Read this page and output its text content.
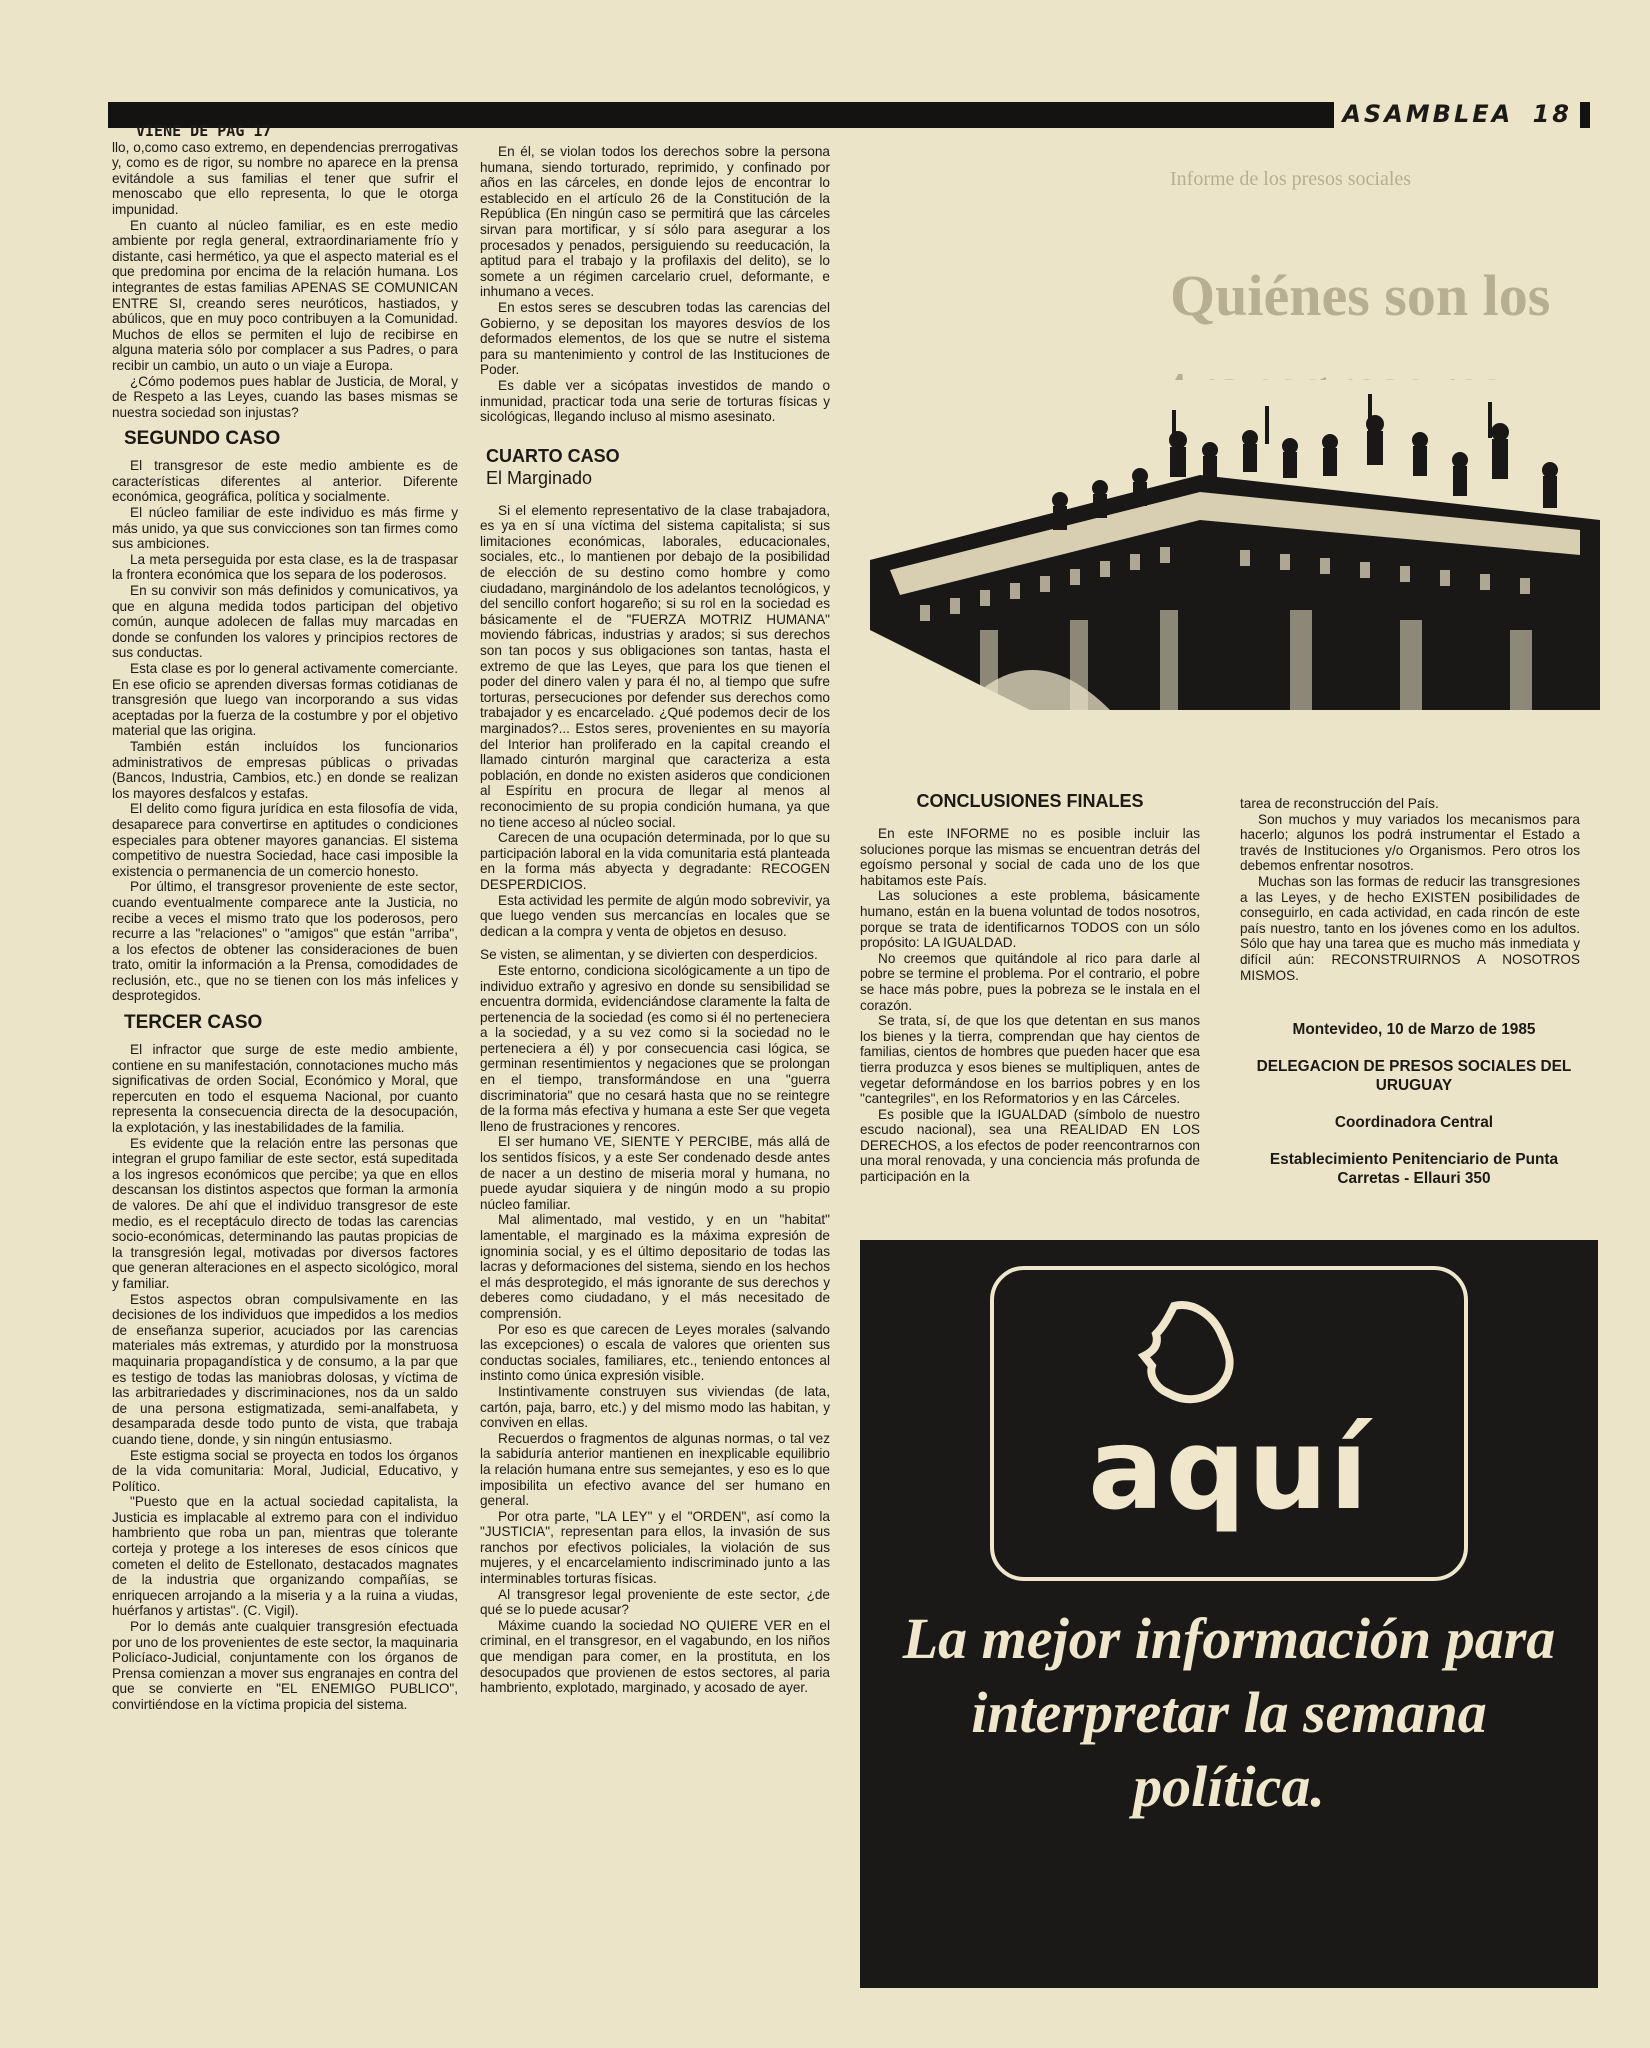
Informe de los presos sociales
Quiénes son los
ASAMBLEA 18

VIENE DE PAG 17

llo, o,como caso extremo, en dependencias prerrogativas y, como es de rigor, su nombre no aparece en la prensa evitándole a sus familias el tener que sufrir el menoscabo que ello representa, lo que le otorga impunidad.

En cuanto al núcleo familiar, es en este medio ambiente por regla general, extraordinariamente frío y distante, casi hermético, ya que el aspecto material es el que predomina por encima de la relación humana. Los integrantes de estas familias APENAS SE COMUNICAN ENTRE SI, creando seres neuróticos, hastiados, y abúlicos, que en muy poco contribuyen a la Comunidad. Muchos de ellos se permiten el lujo de recibirse en alguna materia sólo por complacer a sus Padres, o para recibir un cambio, un auto o un viaje a Europa.

¿Cómo podemos pues hablar de Justicia, de Moral, y de Respeto a las Leyes, cuando las bases mismas se nuestra sociedad son injustas?

SEGUNDO CASO

El transgresor de este medio ambiente es de características diferentes al anterior. Diferente económica, geográfica, política y socialmente.

El núcleo familiar de este individuo es más firme y más unido, ya que sus convicciones son tan firmes como sus ambiciones.

La meta perseguida por esta clase, es la de traspasar la frontera económica que los separa de los poderosos.

En su convivir son más definidos y comunicativos, ya que en alguna medida todos participan del objetivo común, aunque adolecen de fallas muy marcadas en donde se confunden los valores y principios rectores de sus conductas.

Esta clase es por lo general activamente comerciante. En ese oficio se aprenden diversas formas cotidianas de transgresión que luego van incorporando a sus vidas aceptadas por la fuerza de la costumbre y por el objetivo material que las origina.

También están incluídos los funcionarios administrativos de empresas públicas o privadas (Bancos, Industria, Cambios, etc.) en donde se realizan los mayores desfalcos y estafas.

El delito como figura jurídica en esta filosofía de vida, desaparece para convertirse en aptitudes o condiciones especiales para obtener mayores ganancias. El sistema competitivo de nuestra Sociedad, hace casi imposible la existencia o permanencia de un comercio honesto.

Por último, el transgresor proveniente de este sector, cuando eventualmente comparece ante la Justicia, no recibe a veces el mismo trato que los poderosos, pero recurre a las "relaciones" o "amigos" que están "arriba", a los efectos de obtener las consideraciones de buen trato, omitir la información a la Prensa, comodidades de reclusión, etc., que no se tienen con los más infelices y desprotegidos.

TERCER CASO

El infractor que surge de este medio ambiente, contiene en su manifestación, connotaciones mucho más significativas de orden Social, Económico y Moral, que repercuten en todo el esquema Nacional, por cuanto representa la consecuencia directa de la desocupación, la explotación, y las inestabilidades de la familia.

Es evidente que la relación entre las personas que integran el grupo familiar de este sector, está supeditada a los ingresos económicos que percibe; ya que en ellos descansan los distintos aspectos que forman la armonía de valores. De ahí que el individuo transgresor de este medio, es el receptáculo directo de todas las carencias socio-económicas, determinando las pautas propicias de la transgresión legal, motivadas por diversos factores que generan alteraciones en el aspecto sicológico, moral y familiar.

Estos aspectos obran compulsivamente en las decisiones de los individuos que impedidos a los medios de enseñanza superior, acuciados por las carencias materiales más extremas, y aturdido por la monstruosa maquinaria propagandística y de consumo, a la par que es testigo de todas las maniobras dolosas, y víctima de las arbitrariedades y discriminaciones, nos da un saldo de una persona estigmatizada, semi-analfabeta, y desamparada desde todo punto de vista, que trabaja cuando tiene, donde, y sin ningún entusiasmo.

Este estigma social se proyecta en todos los órganos de la vida comunitaria: Moral, Judicial, Educativo, y Político.

"Puesto que en la actual sociedad capitalista, la Justicia es implacable al extremo para con el individuo hambriento que roba un pan, mientras que tolerante corteja y protege a los intereses de esos cínicos que cometen el delito de Estellonato, destacados magnates de la industria que organizando compañías, se enriquecen arrojando a la miseria y a la ruina a viudas, huérfanos y artistas". (C. Vigil).

Por lo demás ante cualquier transgresión efectuada por uno de los provenientes de este sector, la maquinaria Policíaco-Judicial, conjuntamente con los órganos de Prensa comienzan a mover sus engranajes en contra del que se convierte en "EL ENEMIGO PUBLICO", convirtiéndose en la víctima propicia del sistema.

En él, se violan todos los derechos sobre la persona humana, siendo torturado, reprimido, y confinado por años en las cárceles, en donde lejos de encontrar lo establecido en el artículo 26 de la Constitución de la República (En ningún caso se permitirá que las cárceles sirvan para mortificar, y sí sólo para asegurar a los procesados y penados, persiguiendo su reeducación, la aptitud para el trabajo y la profilaxis del delito), se lo somete a un régimen carcelario cruel, deformante, e inhumano a veces.

En estos seres se descubren todas las carencias del Gobierno, y se depositan los mayores desvíos de los deformados elementos, de los que se nutre el sistema para su mantenimiento y control de las Instituciones de Poder.

Es dable ver a sicópatas investidos de mando o inmunidad, practicar toda una serie de torturas físicas y sicológicas, llegando incluso al mismo asesinato.

CUARTO CASO
El Marginado

Si el elemento representativo de la clase trabajadora, es ya en sí una víctima del sistema capitalista; si sus limitaciones económicas, laborales, educacionales, sociales, etc., lo mantienen por debajo de la posibilidad de elección de su destino como hombre y como ciudadano, marginándolo de los adelantos tecnológicos, y del sencillo confort hogareño; si su rol en la sociedad es básicamente el de "FUERZA MOTRIZ HUMANA" moviendo fábricas, industrias y arados; si sus derechos son tan pocos y sus obligaciones son tantas, hasta el extremo de que las Leyes, que para los que tienen el poder del dinero valen y para él no, al tiempo que sufre torturas, persecuciones por defender sus derechos como trabajador y es encarcelado. ¿Qué podemos decir de los marginados?... Estos seres, provenientes en su mayoría del Interior han proliferado en la capital creando el llamado cinturón marginal que caracteriza a esta población, en donde no existen asideros que condicionen al Espíritu en procura de llegar al menos al reconocimiento de su propia condición humana, ya que no tiene acceso al núcleo social.

Carecen de una ocupación determinada, por lo que su participación laboral en la vida comunitaria está planteada en la forma más abyecta y degradante: RECOGEN DESPERDICIOS.

Esta actividad les permite de algún modo sobrevivir, ya que luego venden sus mercancías en locales que se dedican a la compra y venta de objetos en desuso.

Se visten, se alimentan, y se divierten con desperdicios.

Este entorno, condiciona sicológicamente a un tipo de individuo extraño y agresivo en donde su sensibilidad se encuentra dormida, evidenciándose claramente la falta de pertenencia de la sociedad (es como si él no perteneciera a la sociedad, y a su vez como si la sociedad no le perteneciera a él) y por consecuencia casi lógica, se germinan resentimientos y negaciones que se prolongan en el tiempo, transformándose en una "guerra discriminatoria" que no cesará hasta que no se reintegre de la forma más efectiva y humana a este Ser que vegeta lleno de frustraciones y rencores.

El ser humano VE, SIENTE Y PERCIBE, más allá de los sentidos físicos, y a este Ser condenado desde antes de nacer a un destino de miseria moral y humana, no puede ayudar siquiera y de ningún modo a su propio núcleo familiar.

Mal alimentado, mal vestido, y en un "habitat" lamentable, el marginado es la máxima expresión de ignominia social, y es el último depositario de todas las lacras y deformaciones del sistema, siendo en los hechos el más desprotegido, el más ignorante de sus derechos y deberes como ciudadano, y el más necesitado de comprensión.

Por eso es que carecen de Leyes morales (salvando las excepciones) o escala de valores que orienten sus conductas sociales, familiares, etc., teniendo entonces al instinto como única expresión visible.

Instintivamente construyen sus viviendas (de lata, cartón, paja, barro, etc.) y del mismo modo las habitan, y conviven en ellas.

Recuerdos o fragmentos de algunas normas, o tal vez la sabiduría anterior mantienen en inexplicable equilibrio la relación humana entre sus semejantes, y eso es lo que imposibilita un efectivo avance del ser humano en general.

Por otra parte, "LA LEY" y el "ORDEN", así como la "JUSTICIA", representan para ellos, la invasión de sus ranchos por efectivos policiales, la violación de sus mujeres, y el encarcelamiento indiscriminado junto a las interminables torturas físicas.

Al transgresor legal proveniente de este sector, ¿de qué se lo puede acusar?

Máxime cuando la sociedad NO QUIERE VER en el criminal, en el transgresor, en el vagabundo, en los niños que mendigan para comer, en la prostituta, en los desocupados que provienen de estos sectores, al paria hambriento, explotado, marginado, y acosado de ayer.

CONCLUSIONES FINALES

En este INFORME no es posible incluir las soluciones porque las mismas se encuentran detrás del egoísmo personal y social de cada uno de los que habitamos este País.

Las soluciones a este problema, básicamente humano, están en la buena voluntad de todos nosotros, porque se trata de identificarnos TODOS con un sólo propósito: LA IGUALDAD.

No creemos que quitándole al rico para darle al pobre se termine el problema. Por el contrario, el pobre se hace más pobre, pues la pobreza se le instala en el corazón.

Se trata, sí, de que los que detentan en sus manos los bienes y la tierra, comprendan que hay cientos de familias, cientos de hombres que pueden hacer que esa tierra produzca y esos bienes se multipliquen, antes de vegetar deformándose en los barrios pobres y en los "cantegriles", en los Reformatorios y en las Cárceles.

Es posible que la IGUALDAD (símbolo de nuestro escudo nacional), sea una REALIDAD EN LOS DERECHOS, a los efectos de poder reencontrarnos con una moral renovada, y una conciencia más profunda de participación en la

tarea de reconstrucción del País.

Son muchos y muy variados los mecanismos para hacerlo; algunos los podrá instrumentar el Estado a través de Instituciones y/o Organismos. Pero otros los debemos enfrentar nosotros.

Muchas son las formas de reducir las transgresiones a las Leyes, y de hecho EXISTEN posibilidades de conseguirlo, en cada actividad, en cada rincón de este país nuestro, tanto en los jóvenes como en los adultos. Sólo que hay una tarea que es mucho más inmediata y difícil aún: RECONSTRUIRNOS A NOSOTROS MISMOS.

Montevideo, 10 de Marzo de 1985

DELEGACION DE PRESOS SOCIALES DEL URUGUAY

Coordinadora Central

Establecimiento Penitenciario de Punta Carretas - Ellauri 350

aquí
La mejor información para interpretar la semana política.
